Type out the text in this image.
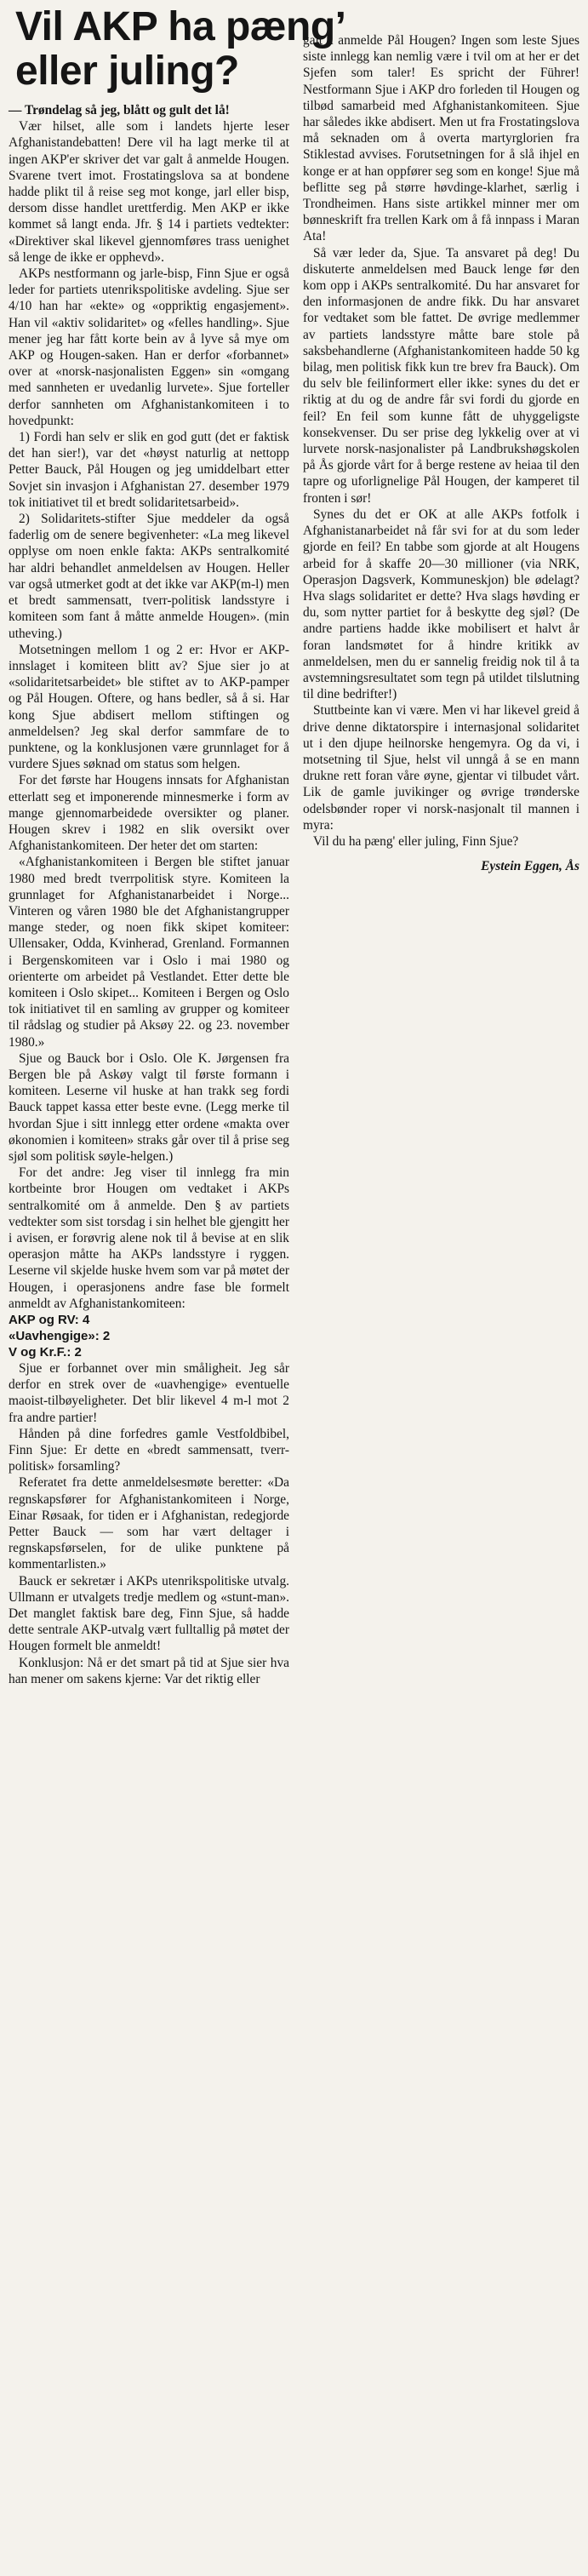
Vil AKP ha pæng’
eller juling?

— Trøndelag så jeg, blått og gult det lå!

Vær hilset, alle som i landets hjerte leser Afghanistandebatten! Dere vil ha lagt merke til at ingen AKP'er skriver det var galt å anmelde Hougen. Svarene tvert imot. Frostatingslova sa at bondene hadde plikt til å reise seg mot konge, jarl eller bisp, dersom disse handlet urettferdig. Men AKP er ikke kommet så langt enda. Jfr. § 14 i partiets vedtekter: «Direktiver skal likevel gjennomføres trass uenighet så lenge de ikke er opphevd».

AKPs nestformann og jarle-bisp, Finn Sjue er også leder for partiets utenrikspolitiske avdeling. Sjue ser 4/10 han har «ekte» og «oppriktig engasjement». Han vil «aktiv solidaritet» og «felles handling». Sjue mener jeg har fått korte bein av å lyve så mye om AKP og Hougen-saken. Han er derfor «forbannet» over at «norsk-nasjonalisten Eggen» sin «omgang med sannheten er uvedanlig lurvete». Sjue forteller derfor sannheten om Afghanistankomiteen i to hovedpunkt:

1) Fordi han selv er slik en god gutt (det er faktisk det han sier!), var det «høyst naturlig at nettopp Petter Bauck, Pål Hougen og jeg umiddelbart etter Sovjet sin invasjon i Afghanistan 27. desember 1979 tok initiativet til et bredt solidaritetsarbeid».

2) Solidaritets-stifter Sjue meddeler da også faderlig om de senere begivenheter: «La meg likevel opplyse om noen enkle fakta: AKPs sentralkomité har aldri behandlet anmeldelsen av Hougen. Heller var også utmerket godt at det ikke var AKP(m-l) men et bredt sammensatt, tverr-politisk landsstyre i komiteen som fant å måtte anmelde Hougen». (min utheving.)

Motsetningen mellom 1 og 2 er: Hvor er AKP-innslaget i komiteen blitt av? Sjue sier jo at «solidaritetsarbeidet» ble stiftet av to AKP-pamper og Pål Hougen. Oftere, og hans bedler, så å si. Har kong Sjue abdisert mellom stiftingen og anmeldelsen? Jeg skal derfor sammfare de to punktene, og la konklusjonen være grunnlaget for å vurdere Sjues søknad om status som helgen.

For det første har Hougens innsats for Afghanistan etterlatt seg et imponerende minnesmerke i form av mange gjennomarbeidede oversikter og planer. Hougen skrev i 1982 en slik oversikt over Afghanistankomiteen. Der heter det om starten:

«Afghanistankomiteen i Bergen ble stiftet januar 1980 med bredt tverrpolitisk styre. Komiteen la grunnlaget for Afghanistanarbeidet i Norge... Vinteren og våren 1980 ble det Afghanistangrupper mange steder, og noen fikk skipet komiteer: Ullensaker, Odda, Kvinherad, Grenland. Formannen i Bergenskomiteen var i Oslo i mai 1980 og orienterte om arbeidet på Vestlandet. Etter dette ble komiteen i Oslo skipet... Komiteen i Bergen og Oslo tok initiativet til en samling av grupper og komiteer til rådslag og studier på Aksøy 22. og 23. november 1980.»

Sjue og Bauck bor i Oslo. Ole K. Jørgensen fra Bergen ble på Askøy valgt til første formann i komiteen. Leserne vil huske at han trakk seg fordi Bauck tappet kassa etter beste evne. (Legg merke til hvordan Sjue i sitt innlegg etter ordene «makta over økonomien i komiteen» straks går over til å prise seg sjøl som politisk søyle-helgen.)

For det andre: Jeg viser til innlegg fra min kortbeinte bror Hougen om vedtaket i AKPs sentralkomité om å anmelde. Den § av partiets vedtekter som sist torsdag i sin helhet ble gjengitt her i avisen, er forøvrig alene nok til å bevise at en slik operasjon måtte ha AKPs landsstyre i ryggen. Leserne vil skjelde huske hvem som var på møtet der Hougen, i operasjonens andre fase ble formelt anmeldt av Afghanistankomiteen:

AKP og RV: 4

«Uavhengige»: 2

V og Kr.F.: 2

Sjue er forbannet over min småligheit. Jeg sår derfor en strek over de «uavhengige» eventuelle maoist-tilbøyeligheter. Det blir likevel 4 m-l mot 2 fra andre partier!

Hånden på dine forfedres gamle Vestfoldbibel, Finn Sjue: Er dette en «bredt sammensatt, tverr-politisk» forsamling?

Referatet fra dette anmeldelsesmøte beretter: «Da regnskapsfører for Afghanistankomiteen i Norge, Einar Røsaak, for tiden er i Afghanistan, redegjorde Petter Bauck — som har vært deltager i regnskapsførselen, for de ulike punktene på kommentarlisten.»

Bauck er sekretær i AKPs utenrikspolitiske utvalg. Ullmann er utvalgets tredje medlem og «stunt-man». Det manglet faktisk bare deg, Finn Sjue, så hadde dette sentrale AKP-utvalg vært fulltallig på møtet der Hougen formelt ble anmeldt!

Konklusjon: Nå er det smart på tid at Sjue sier hva han mener om sakens kjerne: Var det riktig eller

galt å anmelde Pål Hougen? Ingen som leste Sjues siste innlegg kan nemlig være i tvil om at her er det Sjefen som taler! Es spricht der Führer! Nestformann Sjue i AKP dro forleden til Hougen og tilbød samarbeid med Afghanistankomiteen. Sjue har således ikke abdisert. Men ut fra Frostatingslova må seknaden om å overta martyrglorien fra Stiklestad avvises. Forutsetningen for å slå ihjel en konge er at han oppfører seg som en konge! Sjue må beflitte seg på større høvdinge-klarhet, særlig i Trondheimen. Hans siste artikkel minner mer om bønneskrift fra trellen Kark om å få innpass i Maran Ata!

Så vær leder da, Sjue. Ta ansvaret på deg! Du diskuterte anmeldelsen med Bauck lenge før den kom opp i AKPs sentralkomité. Du har ansvaret for den informasjonen de andre fikk. Du har ansvaret for vedtaket som ble fattet. De øvrige medlemmer av partiets landsstyre måtte bare stole på saksbehandlerne (Afghanistankomiteen hadde 50 kg bilag, men politisk fikk kun tre brev fra Bauck). Om du selv ble feilinformert eller ikke: synes du det er riktig at du og de andre får svi fordi du gjorde en feil? En feil som kunne fått de uhyggeligste konsekvenser. Du ser prise deg lykkelig over at vi lurvete norsk-nasjonalister på Landbrukshøgskolen på Ås gjorde vårt for å berge restene av heiaa til den tapre og uforlignelige Pål Hougen, der kamperet til fronten i sør!

Synes du det er OK at alle AKPs fotfolk i Afghanistanarbeidet nå får svi for at du som leder gjorde en feil? En tabbe som gjorde at alt Hougens arbeid for å skaffe 20—30 millioner (via NRK, Operasjon Dagsverk, Kommuneskjon) ble ødelagt? Hva slags solidaritet er dette? Hva slags høvding er du, som nytter partiet for å beskytte deg sjøl? (De andre partiens hadde ikke mobilisert et halvt år foran landsmøtet for å hindre kritikk av anmeldelsen, men du er sannelig freidig nok til å ta avstemningsresultatet som tegn på utildet tilslutning til dine bedrifter!)

Stuttbeinte kan vi være. Men vi har likevel greid å drive denne diktatorspire i internasjonal solidaritet ut i den djupe heilnorske hengemyra. Og da vi, i motsetning til Sjue, helst vil unngå å se en mann drukne rett foran våre øyne, gjentar vi tilbudet vårt. Lik de gamle juvikinger og øvrige trønderske odelsbønder roper vi norsk-nasjonalt til mannen i myra:

Vil du ha pæng' eller juling, Finn Sjue?

Eystein Eggen, Ås
